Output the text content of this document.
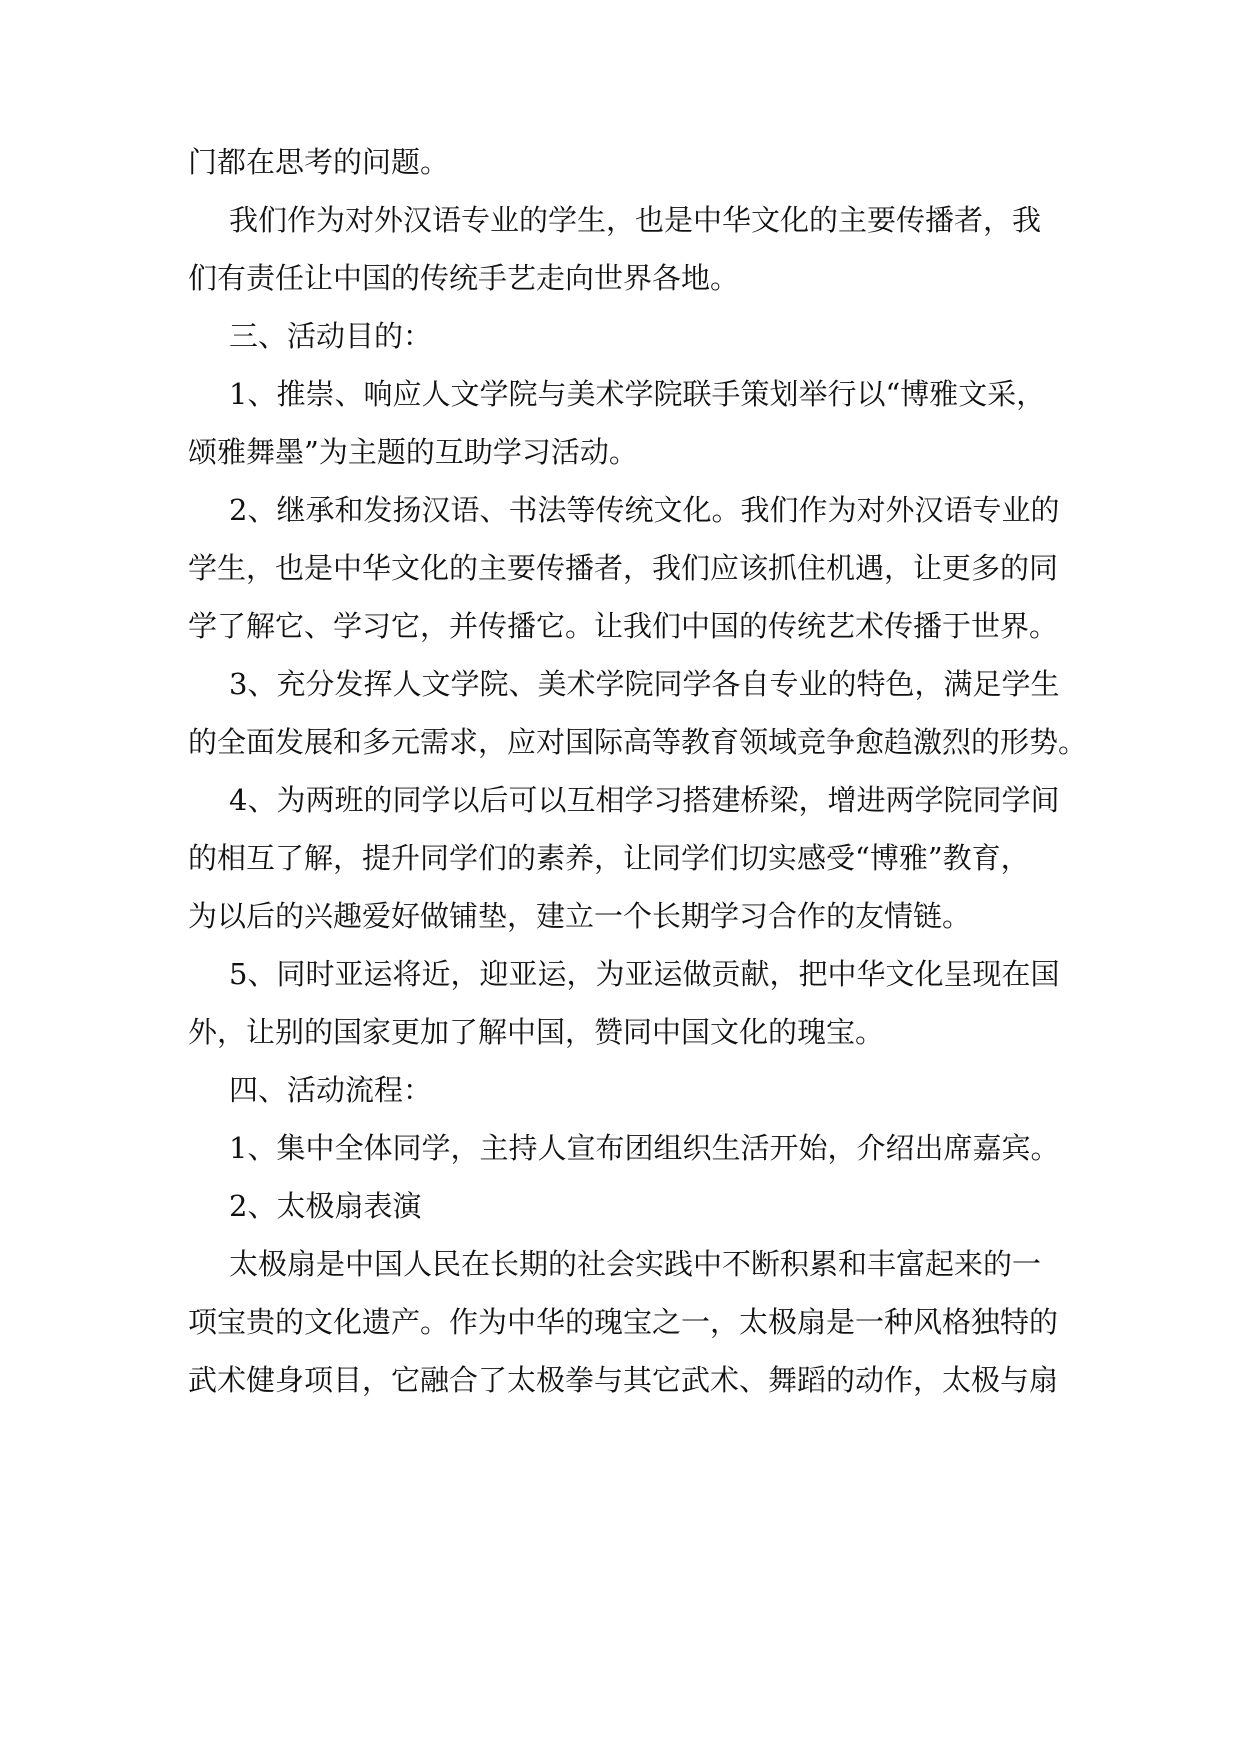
门都在思考的问题。

我们作为对外汉语专业的学生，也是中华文化的主要传播者，我

们有责任让中国的传统手艺走向世界各地。

三、活动目的：

1、推崇、响应人文学院与美术学院联手策划举行以“博雅文采，

颂雅舞墨”为主题的互助学习活动。

2、继承和发扬汉语、书法等传统文化。我们作为对外汉语专业的

学生，也是中华文化的主要传播者，我们应该抓住机遇，让更多的同

学了解它、学习它，并传播它。让我们中国的传统艺术传播于世界。

3、充分发挥人文学院、美术学院同学各自专业的特色，满足学生

的全面发展和多元需求，应对国际高等教育领域竞争愈趋激烈的形势。

4、为两班的同学以后可以互相学习搭建桥梁，增进两学院同学间

的相互了解，提升同学们的素养，让同学们切实感受“博雅”教育，

为以后的兴趣爱好做铺垫，建立一个长期学习合作的友情链。

5、同时亚运将近，迎亚运，为亚运做贡献，把中华文化呈现在国

外，让别的国家更加了解中国，赞同中国文化的瑰宝。

四、活动流程：

1、集中全体同学，主持人宣布团组织生活开始，介绍出席嘉宾。

2、太极扇表演

太极扇是中国人民在长期的社会实践中不断积累和丰富起来的一

项宝贵的文化遗产。作为中华的瑰宝之一，太极扇是一种风格独特的

武术健身项目，它融合了太极拳与其它武术、舞蹈的动作，太极与扇
